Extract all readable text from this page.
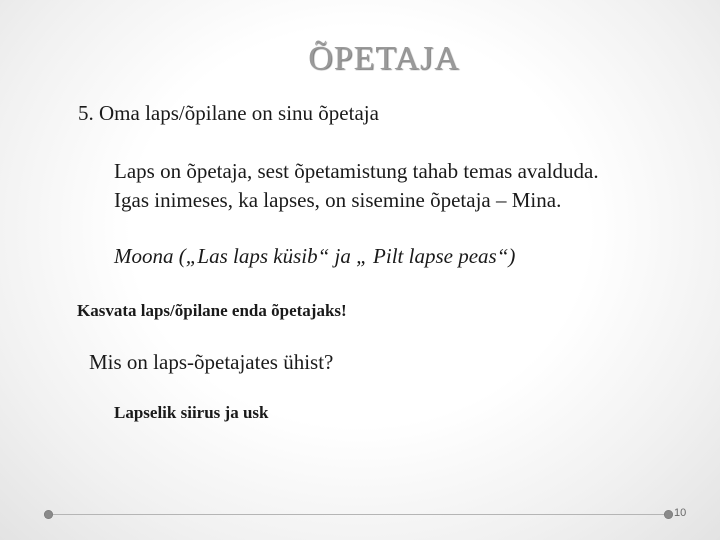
ÕPETAJA
5. Oma laps/õpilane on sinu õpetaja
Laps on õpetaja, sest õpetamistung tahab temas avalduda.
Igas inimeses, ka lapses, on sisemine õpetaja – Mina.
Moona („Las laps küsib“ ja „ Pilt lapse peas“)
Kasvata laps/õpilane enda õpetajaks!
Mis on laps-õpetajates ühist?
Lapselik siirus ja usk
10
